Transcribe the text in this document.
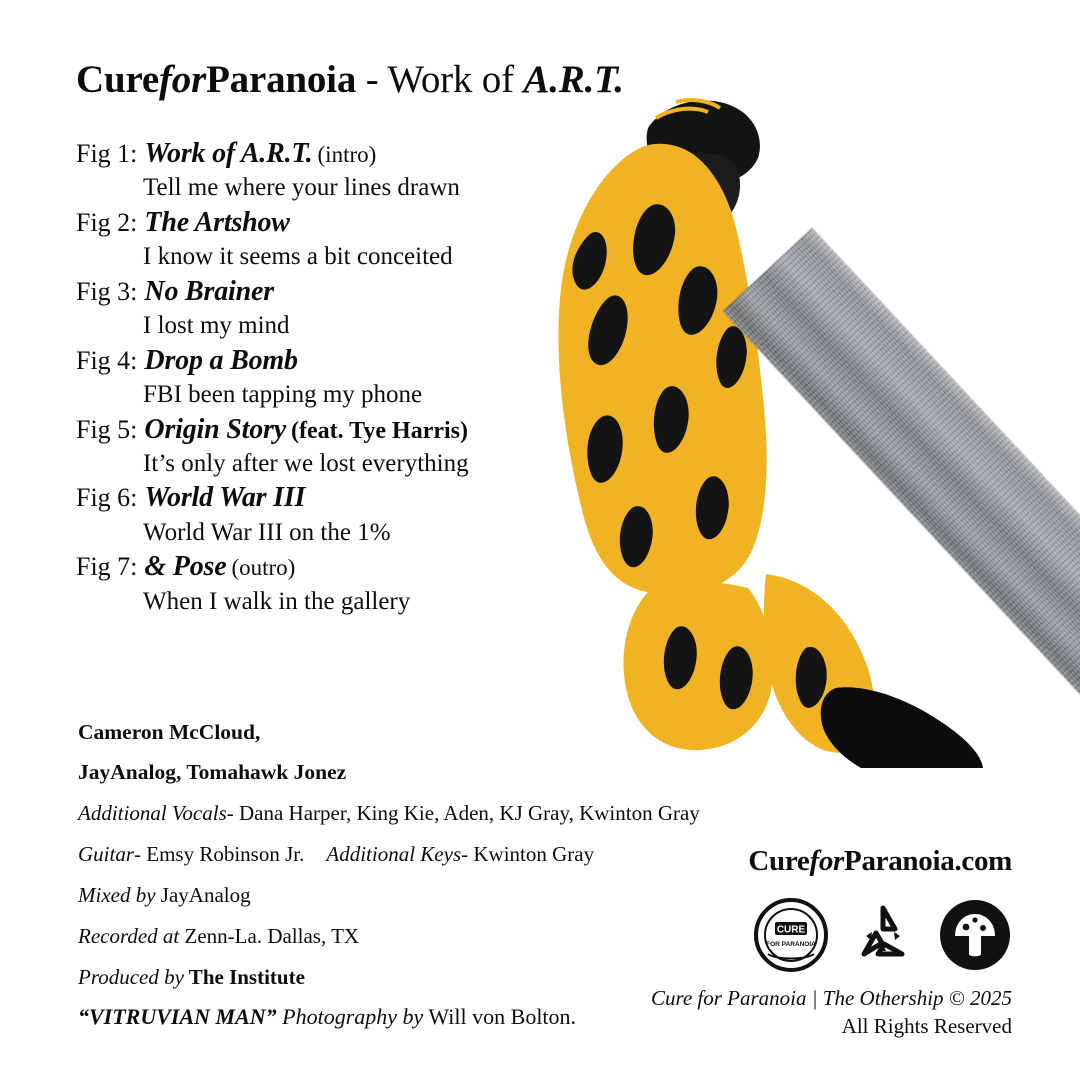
CureforParanoia - Work of A.R.T.
Fig 1: Work of A.R.T. (intro)
Tell me where your lines drawn
Fig 2: The Artshow
I know it seems a bit conceited
Fig 3: No Brainer
I lost my mind
Fig 4: Drop a Bomb
FBI been tapping my phone
Fig 5: Origin Story (feat. Tye Harris)
It’s only after we lost everything
Fig 6: World War III
World War III on the 1%
Fig 7: & Pose (outro)
When I walk in the gallery
Cameron McCloud,
JayAnalog, Tomahawk Jonez
Additional Vocals- Dana Harper, King Kie, Aden, KJ Gray, Kwinton Gray
Guitar- Emsy Robinson Jr. Additional Keys- Kwinton Gray
Mixed by JayAnalog
Recorded at Zenn-La. Dallas, TX
Produced by The Institute
“VITRUVIAN MAN” Photography by Will von Bolton.
CureforParanoia.com
CURE
FOR PARANOIA
Cure for Paranoia | The Othership © 2025
All Rights Reserved
